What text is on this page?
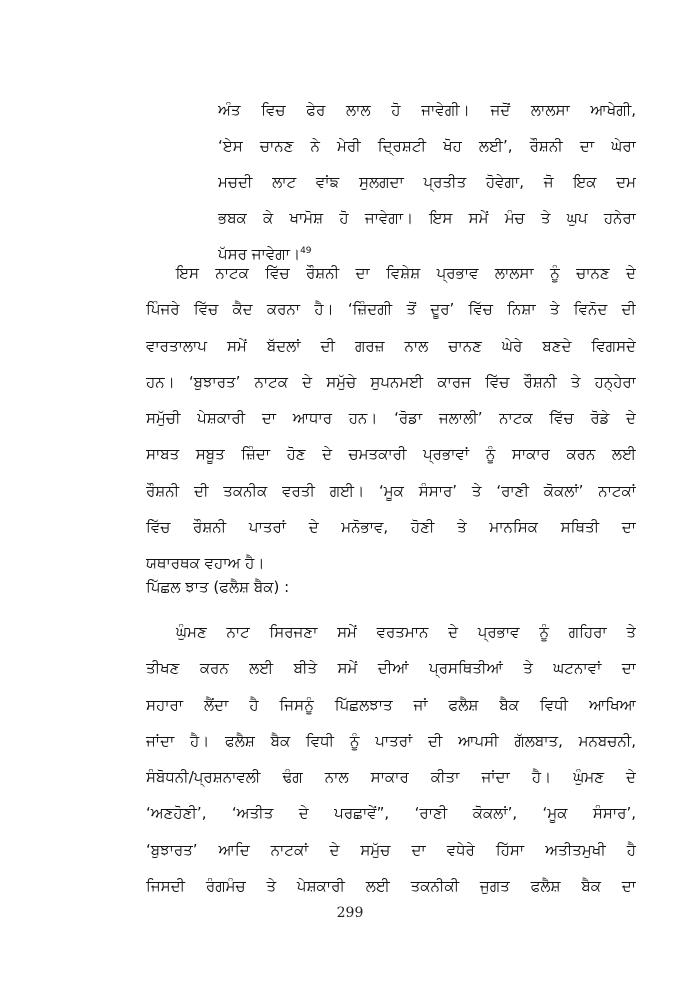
ਅੰਤ ਵਿਚ ਫੇਰ ਲਾਲ ਹੋ ਜਾਵੇਗੀ। ਜਦੋਂ ਲਾਲਸਾ ਆਖੇਗੀ,
‘ਏਸ ਚਾਨਣ ਨੇ ਮੇਰੀ ਦ੍ਰਿਸ਼ਟੀ ਖੋਹ ਲਈ’, ਰੌਸ਼ਨੀ ਦਾ ਘੇਰਾ
ਮਚਦੀ ਲਾਟ ਵਾਂਙ ਸੁਲਗਦਾ ਪ੍ਰਤੀਤ ਹੋਵੇਗਾ, ਜੋ ਇਕ ਦਮ
ਭਬਕ ਕੇ ਖਾਮੋਸ਼ ਹੋ ਜਾਵੇਗਾ। ਇਸ ਸਮੇਂ ਮੰਚ ਤੇ ਘੁਪ ਹਨੇਰਾ
ਪੱਸਰ ਜਾਵੇਗਾ।$^{49}$
ਇਸ ਨਾਟਕ ਵਿੱਚ ਰੌਸ਼ਨੀ ਦਾ ਵਿਸ਼ੇਸ਼ ਪ੍ਰਭਾਵ ਲਾਲਸਾ ਨੂੰ ਚਾਨਣ ਦੇ
ਪਿੰਜਰੇ ਵਿੱਚ ਕੈਦ ਕਰਨਾ ਹੈ। ‘ਜ਼ਿੰਦਗੀ ਤੋਂ ਦੂਰ’ ਵਿੱਚ ਨਿਸ਼ਾ ਤੇ ਵਿਨੋਦ ਦੀ
ਵਾਰਤਾਲਾਪ ਸਮੇਂ ਬੱਦਲਾਂ ਦੀ ਗਰਜ਼ ਨਾਲ ਚਾਨਣ ਘੇਰੇ ਬਣਦੇ ਵਿਗਸਦੇ
ਹਨ। ‘ਬੁਝਾਰਤ’ ਨਾਟਕ ਦੇ ਸਮੁੱਚੇ ਸੁਪਨਮਈ ਕਾਰਜ ਵਿੱਚ ਰੌਸ਼ਨੀ ਤੇ ਹਨ੍ਹੇਰਾ
ਸਮੁੱਚੀ ਪੇਸ਼ਕਾਰੀ ਦਾ ਆਧਾਰ ਹਨ। ‘ਰੋਡਾ ਜਲਾਲੀ’ ਨਾਟਕ ਵਿੱਚ ਰੋਡੇ ਦੇ
ਸਾਬਤ ਸਬੂਤ ਜ਼ਿੰਦਾ ਹੋਣ ਦੇ ਚਮਤਕਾਰੀ ਪ੍ਰਭਾਵਾਂ ਨੂੰ ਸਾਕਾਰ ਕਰਨ ਲਈ
ਰੌਸ਼ਨੀ ਦੀ ਤਕਨੀਕ ਵਰਤੀ ਗਈ। ‘ਮੂਕ ਸੰਸਾਰ’ ਤੇ ‘ਰਾਣੀ ਕੋਕਲਾਂ’ ਨਾਟਕਾਂ
ਵਿੱਚ ਰੌਸ਼ਨੀ ਪਾਤਰਾਂ ਦੇ ਮਨੋਭਾਵ, ਹੋਣੀ ਤੇ ਮਾਨਸਿਕ ਸਥਿਤੀ ਦਾ
ਯਥਾਰਥਕ ਵਹਾਅ ਹੈ।
ਪਿੱਛਲ ਝਾਤ (ਫਲੈਸ਼ ਬੈਕ) :
ਘੁੰਮਣ ਨਾਟ ਸਿਰਜਣਾ ਸਮੇਂ ਵਰਤਮਾਨ ਦੇ ਪ੍ਰਭਾਵ ਨੂੰ ਗਹਿਰਾ ਤੇ
ਤੀਖਣ ਕਰਨ ਲਈ ਬੀਤੇ ਸਮੇਂ ਦੀਆਂ ਪ੍ਰਸਥਿਤੀਆਂ ਤੇ ਘਟਨਾਵਾਂ ਦਾ
ਸਹਾਰਾ ਲੈਂਦਾ ਹੈ ਜਿਸਨੂੰ ਪਿੱਛਲਝਾਤ ਜਾਂ ਫਲੈਸ਼ ਬੈਕ ਵਿਧੀ ਆਖਿਆ
ਜਾਂਦਾ ਹੈ। ਫਲੈਸ਼ ਬੈਕ ਵਿਧੀ ਨੂੰ ਪਾਤਰਾਂ ਦੀ ਆਪਸੀ ਗੱਲਬਾਤ, ਮਨਬਚਨੀ,
ਸੰਬੋਧਨੀ/ਪ੍ਰਸ਼ਨਾਵਲੀ ਢੰਗ ਨਾਲ ਸਾਕਾਰ ਕੀਤਾ ਜਾਂਦਾ ਹੈ। ਘੁੰਮਣ ਦੇ
‘ਅਣਹੋਣੀ’, ‘ਅਤੀਤ ਦੇ ਪਰਛਾਵੇਂ”, ‘ਰਾਣੀ ਕੋਕਲਾਂ’, ‘ਮੂਕ ਸੰਸਾਰ’,
‘ਬੁਝਾਰਤ’ ਆਦਿ ਨਾਟਕਾਂ ਦੇ ਸਮੁੱਚ ਦਾ ਵਧੇਰੇ ਹਿੱਸਾ ਅਤੀਤਮੁਖੀ ਹੈ
ਜਿਸਦੀ ਰੰਗਮੰਚ ਤੇ ਪੇਸ਼ਕਾਰੀ ਲਈ ਤਕਨੀਕੀ ਜੁਗਤ ਫਲੈਸ਼ ਬੈਕ ਦਾ
299
